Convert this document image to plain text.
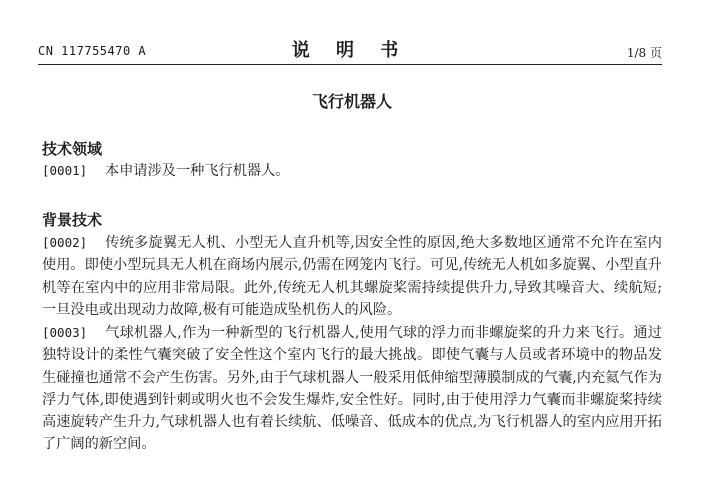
CN 117755470 A	说 明 书	1/8 页
飞行机器人
技术领域
[0001] 本申请涉及一种飞行机器人。
背景技术
[0002] 传统多旋翼无人机、小型无人直升机等,因安全性的原因,绝大多数地区通常不允许在室内使用。即使小型玩具无人机在商场内展示,仍需在网笼内飞行。可见,传统无人机如多旋翼、小型直升机等在室内中的应用非常局限。此外,传统无人机其螺旋桨需持续提供升力,导致其噪音大、续航短;一旦没电或出现动力故障,极有可能造成坠机伤人的风险。
[0003] 气球机器人,作为一种新型的飞行机器人,使用气球的浮力而非螺旋桨的升力来飞行。通过独特设计的柔性气囊突破了安全性这个室内飞行的最大挑战。即使气囊与人员或者环境中的物品发生碰撞也通常不会产生伤害。另外,由于气球机器人一般采用低伸缩型薄膜制成的气囊,内充氦气作为浮力气体,即使遇到针刺或明火也不会发生爆炸,安全性好。同时,由于使用浮力气囊而非螺旋桨持续高速旋转产生升力,气球机器人也有着长续航、低噪音、低成本的优点,为飞行机器人的室内应用开拓了广阔的新空间。
